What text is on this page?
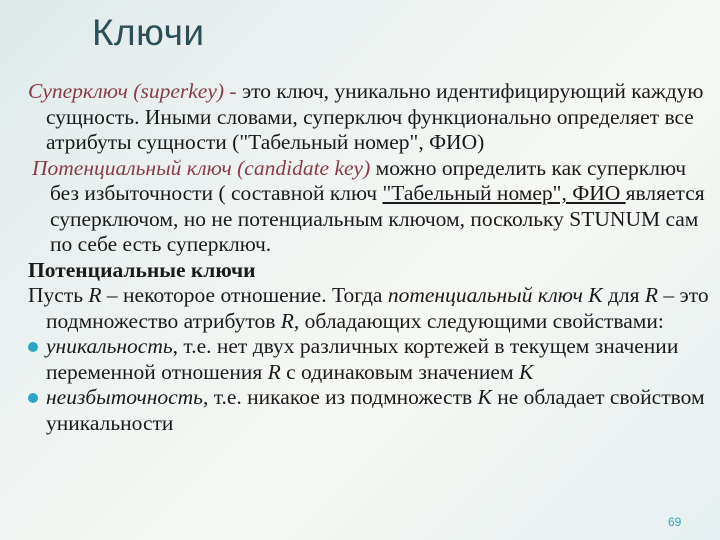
Ключи

Суперключ (superkey) - это ключ, уникально идентифицирующий каждую сущность. Иными словами, суперключ функционально определяет все атрибуты сущности ("Табельный номер", ФИО)

Потенциальный ключ (candidate key) можно определить как суперключ без избыточности ( составной ключ "Табельный номер", ФИО является суперключом, но не потенциальным ключом, поскольку STUNUM сам по себе есть суперключ.

Потенциальные ключи

Пусть R – некоторое отношение. Тогда потенциальный ключ K для R – это подмножество атрибутов R, обладающих следующими свойствами:

уникальность, т.е. нет двух различных кортежей в текущем значении переменной отношения R с одинаковым значением K

неизбыточность, т.е. никакое из подмножеств K не обладает свойством уникальности

69
